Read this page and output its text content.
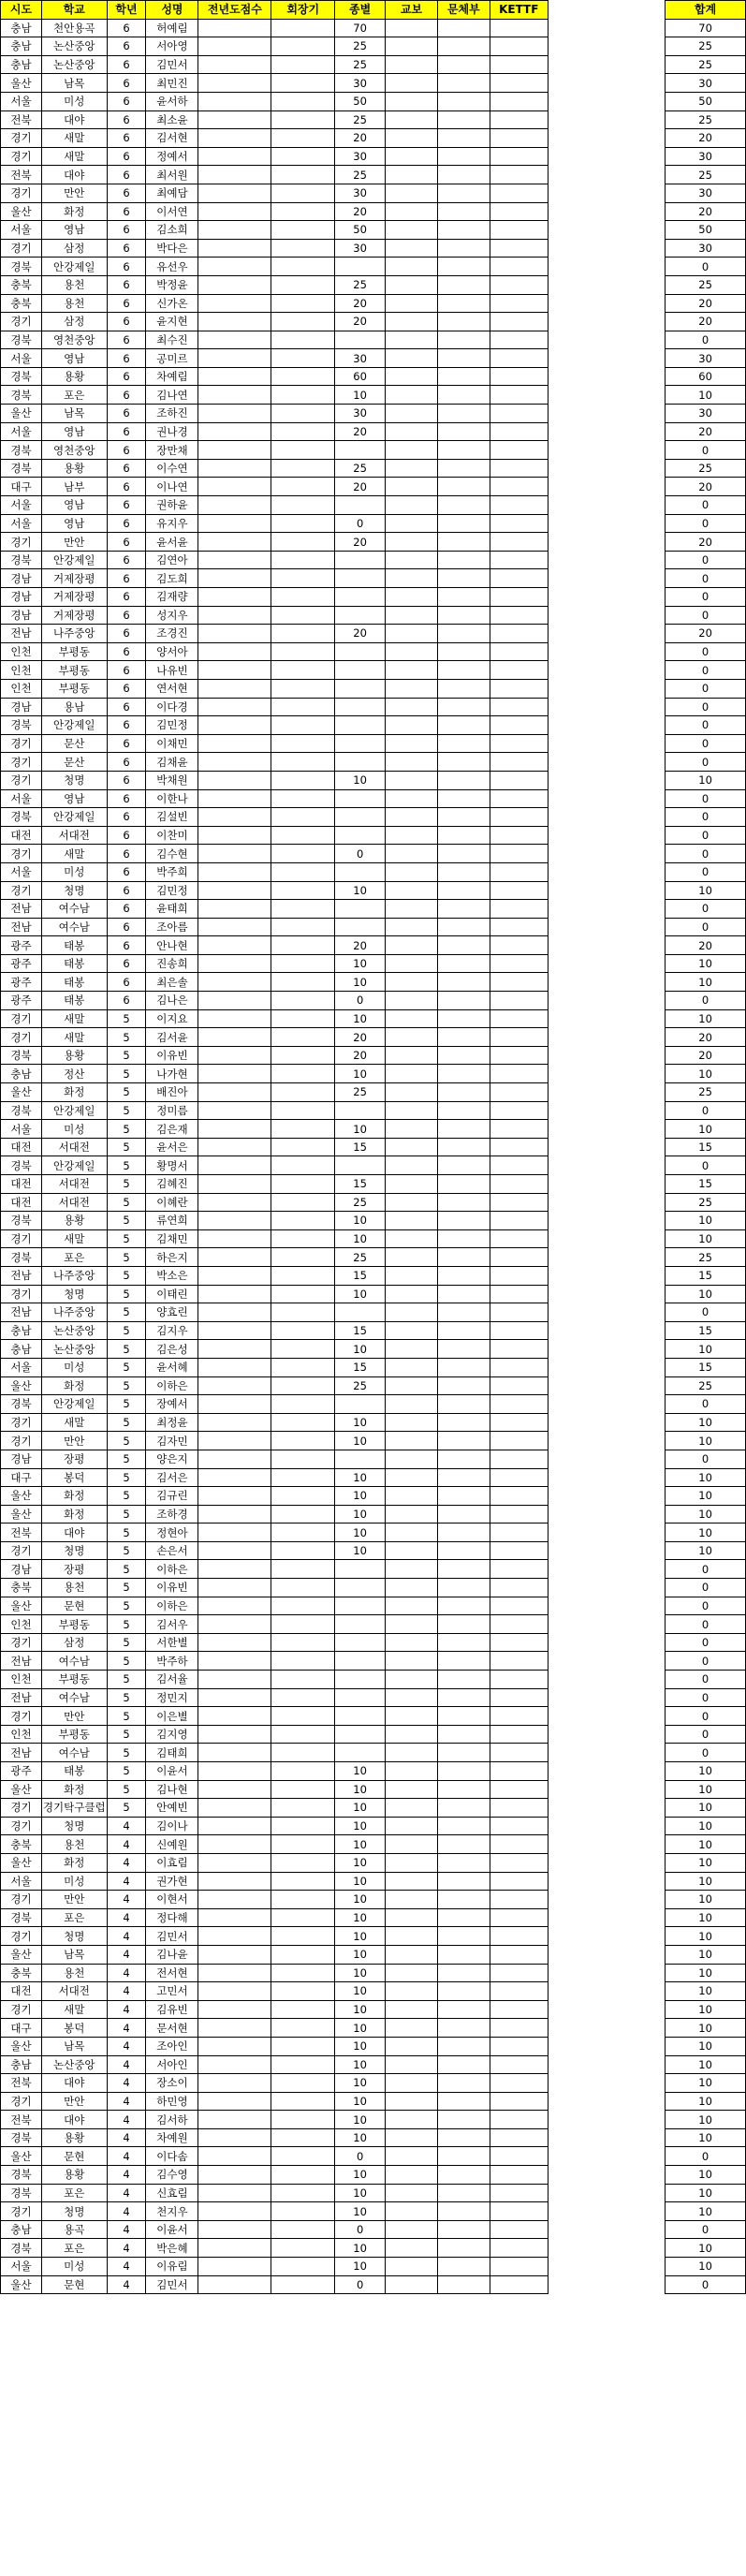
시도	학교	학년	성명	전년도점수	회장기	종별	교보	문체부	KETTF		합계
충남	천안용곡	6	허예림			70					70
충남	논산중앙	6	서아영			25					25
충남	논산중앙	6	김민서			25					25
울산	남목	6	최민진			30					30
서울	미성	6	윤서하			50					50
전북	대야	6	최소윤			25					25
경기	새말	6	김서현			20					20
경기	새말	6	정예서			30					30
전북	대야	6	최서원			25					25
경기	만안	6	최예담			30					30
울산	화정	6	이서연			20					20
서울	영남	6	김소희			50					50
경기	삼정	6	박다은			30					30
경북	안강제일	6	유선우								0
충북	용천	6	박정윤			25					25
충북	용천	6	신가온			20					20
경기	삼정	6	윤지현			20					20
경북	영천중앙	6	최수진								0
서울	영남	6	공미르			30					30
경북	용황	6	차예림			60					60
경북	포은	6	김나연			10					10
울산	남목	6	조하진			30					30
서울	영남	6	권나경			20					20
경북	영천중앙	6	장만채								0
경북	용황	6	이수연			25					25
대구	남부	6	이나연			20					20
서울	영남	6	권하윤								0
서울	영남	6	유지우			0					0
경기	만안	6	윤서윤			20					20
경북	안강제일	6	김연아								0
경남	거제장평	6	김도희								0
경남	거제장평	6	김재량								0
경남	거제장평	6	성지우								0
전남	나주중앙	6	조경진			20					20
인천	부평동	6	양서아								0
인천	부평동	6	나유빈								0
인천	부평동	6	연서현								0
경남	용남	6	이다경								0
경북	안강제일	6	김민정								0
경기	문산	6	이채민								0
경기	문산	6	김채윤								0
경기	청명	6	박채원			10					10
서울	영남	6	이한나								0
경북	안강제일	6	김설빈								0
대전	서대전	6	이찬미								0
경기	새말	6	김수현			0					0
서울	미성	6	박주희								0
경기	청명	6	김민정			10					10
전남	여수남	6	윤태희								0
전남	여수남	6	조아름								0
광주	태봉	6	안나현			20					20
광주	태봉	6	진송희			10					10
광주	태봉	6	최은솔			10					10
광주	태봉	6	김나은			0					0
경기	새말	5	이지요			10					10
경기	새말	5	김서윤			20					20
경북	용황	5	이유빈			20					20
충남	정산	5	나가현			10					10
울산	화정	5	배진아			25					25
경북	안강제일	5	정미름								0
서울	미성	5	김은재			10					10
대전	서대전	5	윤서은			15					15
경북	안강제일	5	황명서								0
대전	서대전	5	김혜진			15					15
대전	서대전	5	이혜란			25					25
경북	용황	5	류연희			10					10
경기	새말	5	김채민			10					10
경북	포은	5	하은지			25					25
전남	나주중앙	5	박소은			15					15
경기	청명	5	이태린			10					10
전남	나주중앙	5	양효린								0
충남	논산중앙	5	김지우			15					15
충남	논산중앙	5	김은성			10					10
서울	미성	5	윤서혜			15					15
울산	화정	5	이하은			25					25
경북	안강제일	5	장예서								0
경기	새말	5	최정윤			10					10
경기	만안	5	김자민			10					10
경남	장평	5	양은지								0
대구	봉덕	5	김서은			10					10
울산	화정	5	김규린			10					10
울산	화정	5	조하경			10					10
전북	대야	5	정현아			10					10
경기	청명	5	손은서			10					10
경남	장평	5	이하은								0
충북	용천	5	이유빈								0
울산	문현	5	이하은								0
인천	부평동	5	김서우								0
경기	삼정	5	서한별								0
전남	여수남	5	박주하								0
인천	부평동	5	김서율								0
전남	여수남	5	정민지								0
경기	만안	5	이은별								0
인천	부평동	5	김지영								0
전남	여수남	5	김태희								0
광주	태봉	5	이윤서			10					10
울산	화정	5	김나현			10					10
경기	경기탁구클럽	5	안예빈			10					10
경기	청명	4	김이나			10					10
충북	용천	4	신예원			10					10
울산	화정	4	이효림			10					10
서울	미성	4	권가현			10					10
경기	만안	4	이현서			10					10
경북	포은	4	정다해			10					10
경기	청명	4	김민서			10					10
울산	남목	4	김나윤			10					10
충북	용천	4	전서현			10					10
대전	서대전	4	고민서			10					10
경기	새말	4	김유빈			10					10
대구	봉덕	4	문서현			10					10
울산	남목	4	조아인			10					10
충남	논산중앙	4	서아인			10					10
전북	대야	4	장소이			10					10
경기	만안	4	하민영			10					10
전북	대야	4	김서하			10					10
경북	용황	4	차예원			10					10
울산	문현	4	이다솜			0					0
경북	용황	4	김수영			10					10
경북	포은	4	신효림			10					10
경기	청명	4	천지우			10					10
충남	용곡	4	이윤서			0					0
경북	포은	4	박은혜			10					10
서울	미성	4	이유림			10					10
울산	문현	4	김민서			0					0
